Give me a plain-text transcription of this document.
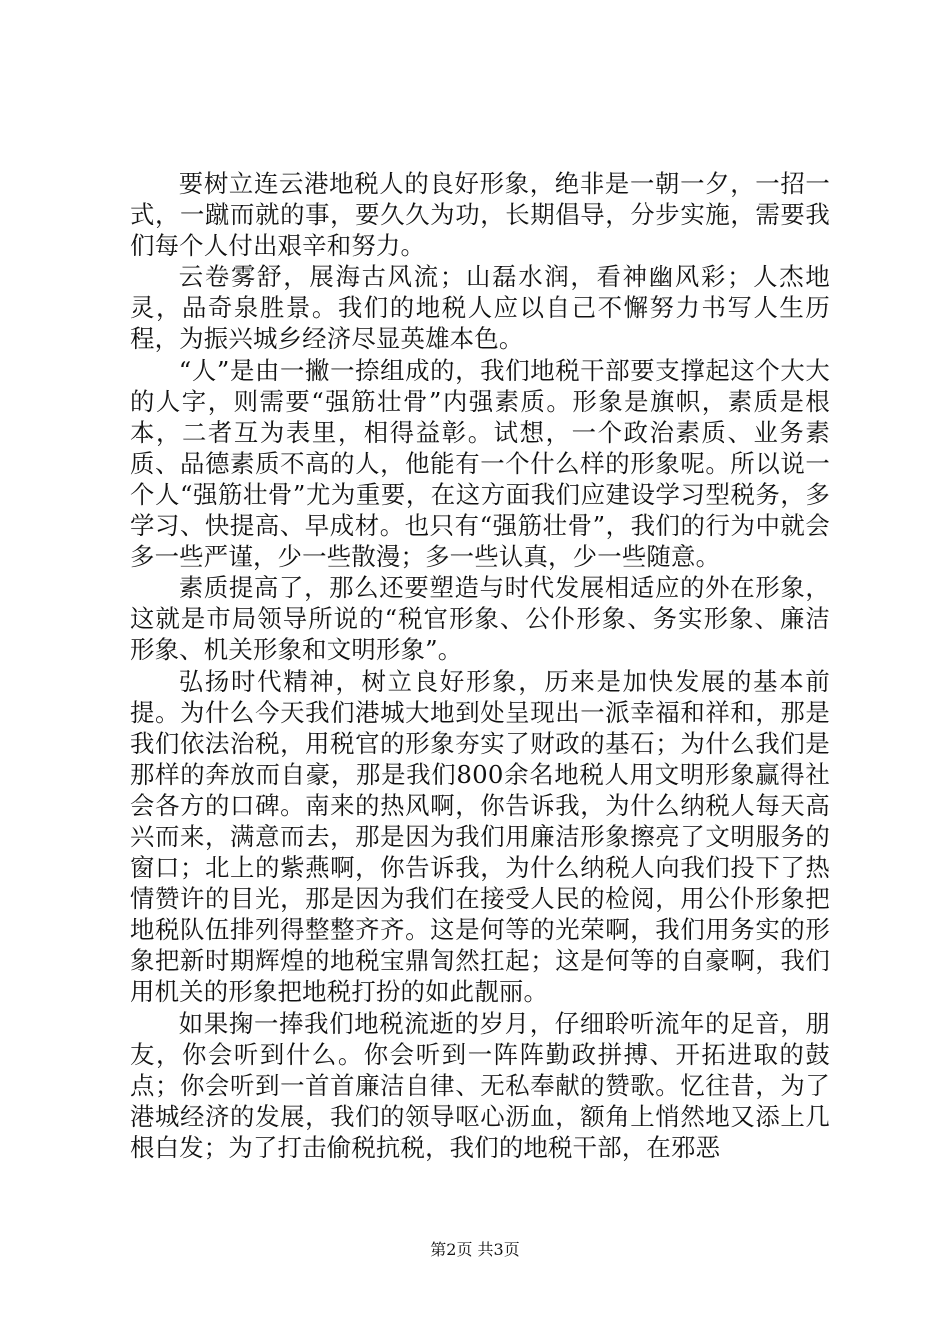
要树立连云港地税人的良好形象，绝非是一朝一夕，一招一式，一蹴而就的事，要久久为功，长期倡导，分步实施，需要我们每个人付出艰辛和努力。

云卷雾舒，展海古风流；山磊水润，看神幽风彩；人杰地灵，品奇泉胜景。我们的地税人应以自己不懈努力书写人生历程，为振兴城乡经济尽显英雄本色。

“人”是由一撇一捺组成的，我们地税干部要支撑起这个大大的人字，则需要“强筋壮骨”内强素质。形象是旗帜，素质是根本，二者互为表里，相得益彰。试想，一个政治素质、业务素质、品德素质不高的人，他能有一个什么样的形象呢。所以说一个人“强筋壮骨”尤为重要，在这方面我们应建设学习型税务，多学习、快提高、早成材。也只有“强筋壮骨”，我们的行为中就会多一些严谨，少一些散漫；多一些认真，少一些随意。

素质提高了，那么还要塑造与时代发展相适应的外在形象，这就是市局领导所说的“税官形象、公仆形象、务实形象、廉洁形象、机关形象和文明形象”。

弘扬时代精神，树立良好形象，历来是加快发展的基本前提。为什么今天我们港城大地到处呈现出一派幸福和祥和，那是我们依法治税，用税官的形象夯实了财政的基石；为什么我们是那样的奔放而自豪，那是我们800余名地税人用文明形象赢得社会各方的口碑。南来的热风啊，你告诉我，为什么纳税人每天高兴而来，满意而去，那是因为我们用廉洁形象擦亮了文明服务的窗口；北上的紫燕啊，你告诉我，为什么纳税人向我们投下了热情赞许的目光，那是因为我们在接受人民的检阅，用公仆形象把地税队伍排列得整整齐齐。这是何等的光荣啊，我们用务实的形象把新时期辉煌的地税宝鼎訇然扛起；这是何等的自豪啊，我们用机关的形象把地税打扮的如此靓丽。

如果掬一捧我们地税流逝的岁月，仔细聆听流年的足音，朋友，你会听到什么。你会听到一阵阵勤政拼搏、开拓进取的鼓点；你会听到一首首廉洁自律、无私奉献的赞歌。忆往昔，为了港城经济的发展，我们的领导呕心沥血，额角上悄然地又添上几根白发；为了打击偷税抗税，我们的地税干部，在邪恶

第2页 共3页
